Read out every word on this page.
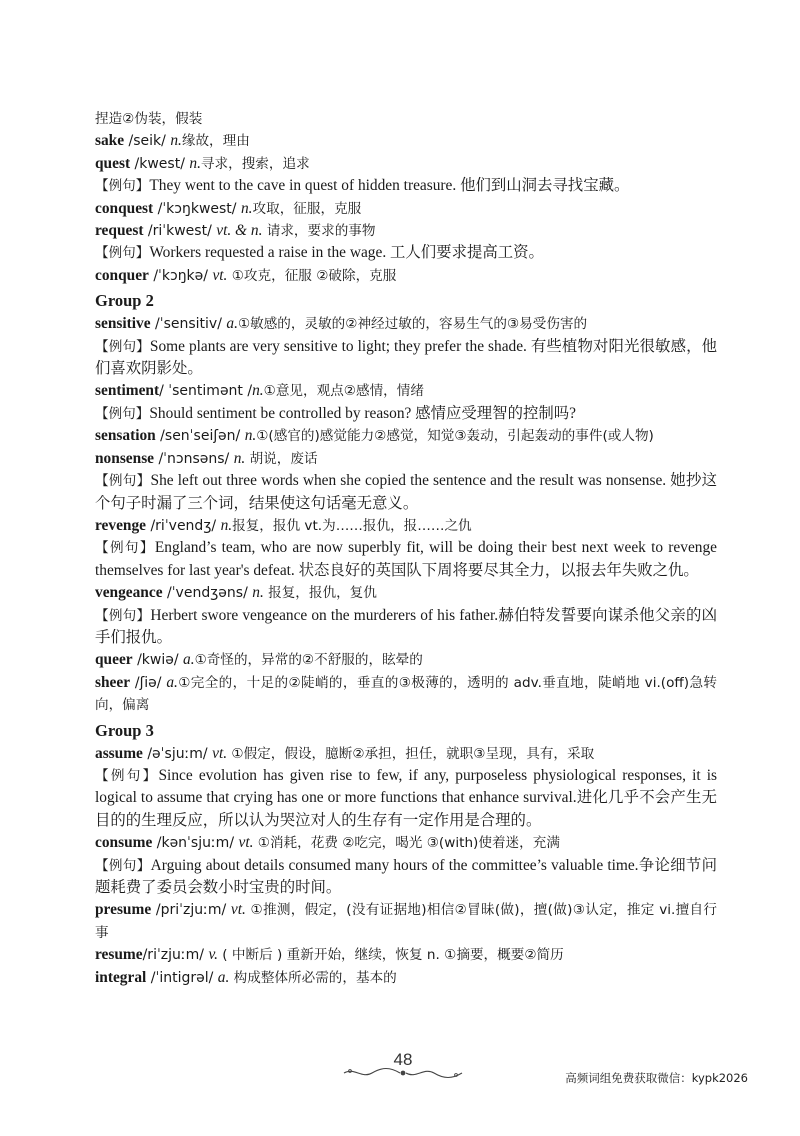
捏造②伪装，假装
sake /seik/ n.缘故，理由
quest /kwest/ n.寻求，搜索，追求
【例句】They went to the cave in quest of hidden treasure. 他们到山洞去寻找宝藏。
conquest /ˈkɔŋkwest/ n.攻取，征服，克服
request /riˈkwest/ vt. & n. 请求，要求的事物
【例句】Workers requested a raise in the wage. 工人们要求提高工资。
conquer /ˈkɔŋkə/ vt. ①攻克，征服 ②破除，克服
Group 2
sensitive /ˈsensitiv/ a.①敏感的，灵敏的②神经过敏的，容易生气的③易受伤害的
【例句】Some plants are very sensitive to light; they prefer the shade. 有些植物对阳光很敏感，他们喜欢阴影处。
sentiment/ ˈsentimənt /n.①意见，观点②感情，情绪
【例句】Should sentiment be controlled by reason? 感情应受理智的控制吗?
sensation /senˈseiʃən/ n.①(感官的)感觉能力②感觉，知觉③轰动，引起轰动的事件(或人物)
nonsense /ˈnɔnsəns/ n. 胡说，废话
【例句】She left out three words when she copied the sentence and the result was nonsense. 她抄这个句子时漏了三个词，结果使这句话毫无意义。
revenge /riˈvendʒ/ n.报复，报仇 vt.为……报仇，报……之仇
【例句】England’s team, who are now superbly fit, will be doing their best next week to revenge themselves for last year's defeat. 状态良好的英国队下周将要尽其全力，以报去年失败之仇。
vengeance /ˈvendʒəns/ n. 报复，报仇，复仇
【例句】Herbert swore vengeance on the murderers of his father.赫伯特发誓要向谋杀他父亲的凶手们报仇。
queer /kwiə/ a.①奇怪的，异常的②不舒服的，眩晕的
sheer /ʃiə/ a.①完全的，十足的②陡峭的，垂直的③极薄的，透明的 adv.垂直地，陡峭地 vi.(off)急转向，偏离
Group 3
assume /əˈsjuːm/ vt. ①假定，假设，臆断②承担，担任，就职③呈现，具有，采取
【例句】Since evolution has given rise to few, if any, purposeless physiological responses, it is logical to assume that crying has one or more functions that enhance survival.进化几乎不会产生无目的的生理反应，所以认为哭泣对人的生存有一定作用是合理的。
consume /kənˈsjuːm/ vt. ①消耗，花费 ②吃完，喝光 ③(with)使着迷，充满
【例句】Arguing about details consumed many hours of the committee’s valuable time.争论细节问题耗费了委员会数小时宝贵的时间。
presume /priˈzjuːm/ vt. ①推测，假定，(没有证据地)相信②冒昧(做)，擅(做)③认定，推定 vi.擅自行事
resume/riˈzjuːm/ v. ( 中断后 ) 重新开始，继续，恢复 n. ①摘要，概要②简历
integral /ˈintigrəl/ a. 构成整体所必需的，基本的
48
高频词组免费获取微信：kypk2026
